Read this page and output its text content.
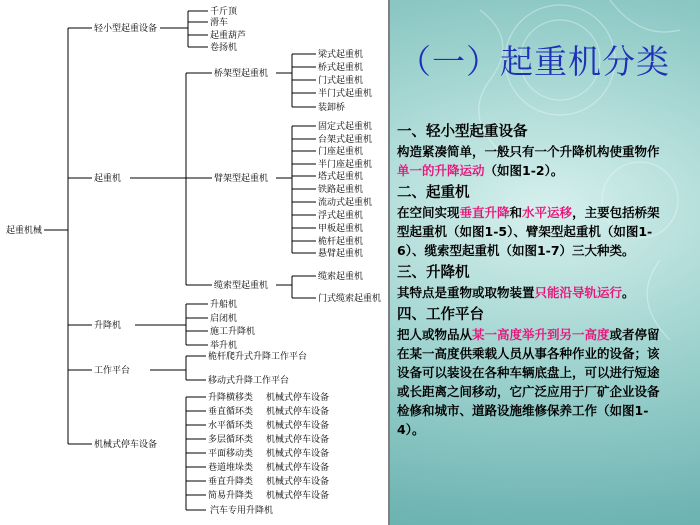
起重机械
轻小型起重设备
起重机
升降机
工作平台
机械式停车设备
千斤顶
滑车
起重葫芦
卷扬机
桥架型起重机
臂架型起重机
缆索型起重机
梁式起重机
桥式起重机
门式起重机
半门式起重机
装卸桥
固定式起重机
台架式起重机
门座起重机
半门座起重机
塔式起重机
铁路起重机
流动式起重机
浮式起重机
甲板起重机
桅杆起重机
悬臂起重机
缆索起重机
门式缆索起重机
升船机
启闭机
施工升降机
举升机
桅杆爬升式升降工作平台
移动式升降工作平台
升降横移类 机械式停车设备
垂直循环类 机械式停车设备
水平循环类 机械式停车设备
多层循环类 机械式停车设备
平面移动类 机械式停车设备
巷道堆垛类 机械式停车设备
垂直升降类 机械式停车设备
简易升降类 机械式停车设备
汽车专用升降机
（一）起重机分类
一、轻小型起重设备
构造紧凑简单，一般只有一个升降机构使重物作单一的升降运动（如图1-2）。
二、起重机
在空间实现垂直升降和水平运移，主要包括桥架型起重机（如图1-5）、臂架型起重机（如图1-6）、缆索型起重机（如图1-7）三大种类。
三、升降机
其特点是重物或取物装置只能沿导轨运行。
四、工作平台
把人或物品从某一高度举升到另一高度或者停留在某一高度供乘载人员从事各种作业的设备；该设备可以装设在各种车辆底盘上，可以进行短途或长距离之间移动，它广泛应用于厂矿企业设备检修和城市、道路设施维修保养工作（如图1-4）。
